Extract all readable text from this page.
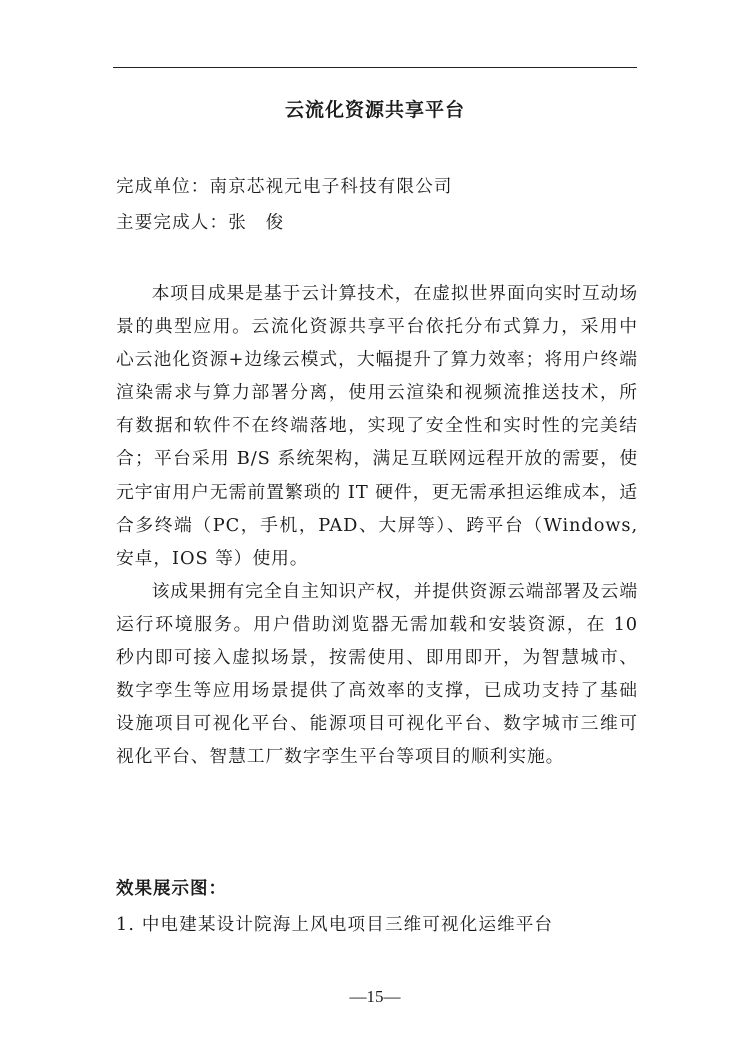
云流化资源共享平台
完成单位：南京芯视元电子科技有限公司
主要完成人：张　俊

本项目成果是基于云计算技术，在虚拟世界面向实时互动场景的典型应用。云流化资源共享平台依托分布式算力，采用中心云池化资源+边缘云模式，大幅提升了算力效率；将用户终端渲染需求与算力部署分离，使用云渲染和视频流推送技术，所有数据和软件不在终端落地，实现了安全性和实时性的完美结合；平台采用 B/S 系统架构，满足互联网远程开放的需要，使元宇宙用户无需前置繁琐的 IT 硬件，更无需承担运维成本，适合多终端（PC，手机，PAD、大屏等）、跨平台（Windows,安卓，IOS 等）使用。

该成果拥有完全自主知识产权，并提供资源云端部署及云端运行环境服务。用户借助浏览器无需加载和安装资源，在 10 秒内即可接入虚拟场景，按需使用、即用即开，为智慧城市、数字孪生等应用场景提供了高效率的支撑，已成功支持了基础设施项目可视化平台、能源项目可视化平台、数字城市三维可视化平台、智慧工厂数字孪生平台等项目的顺利实施。

效果展示图：
1. 中电建某设计院海上风电项目三维可视化运维平台
—15—
